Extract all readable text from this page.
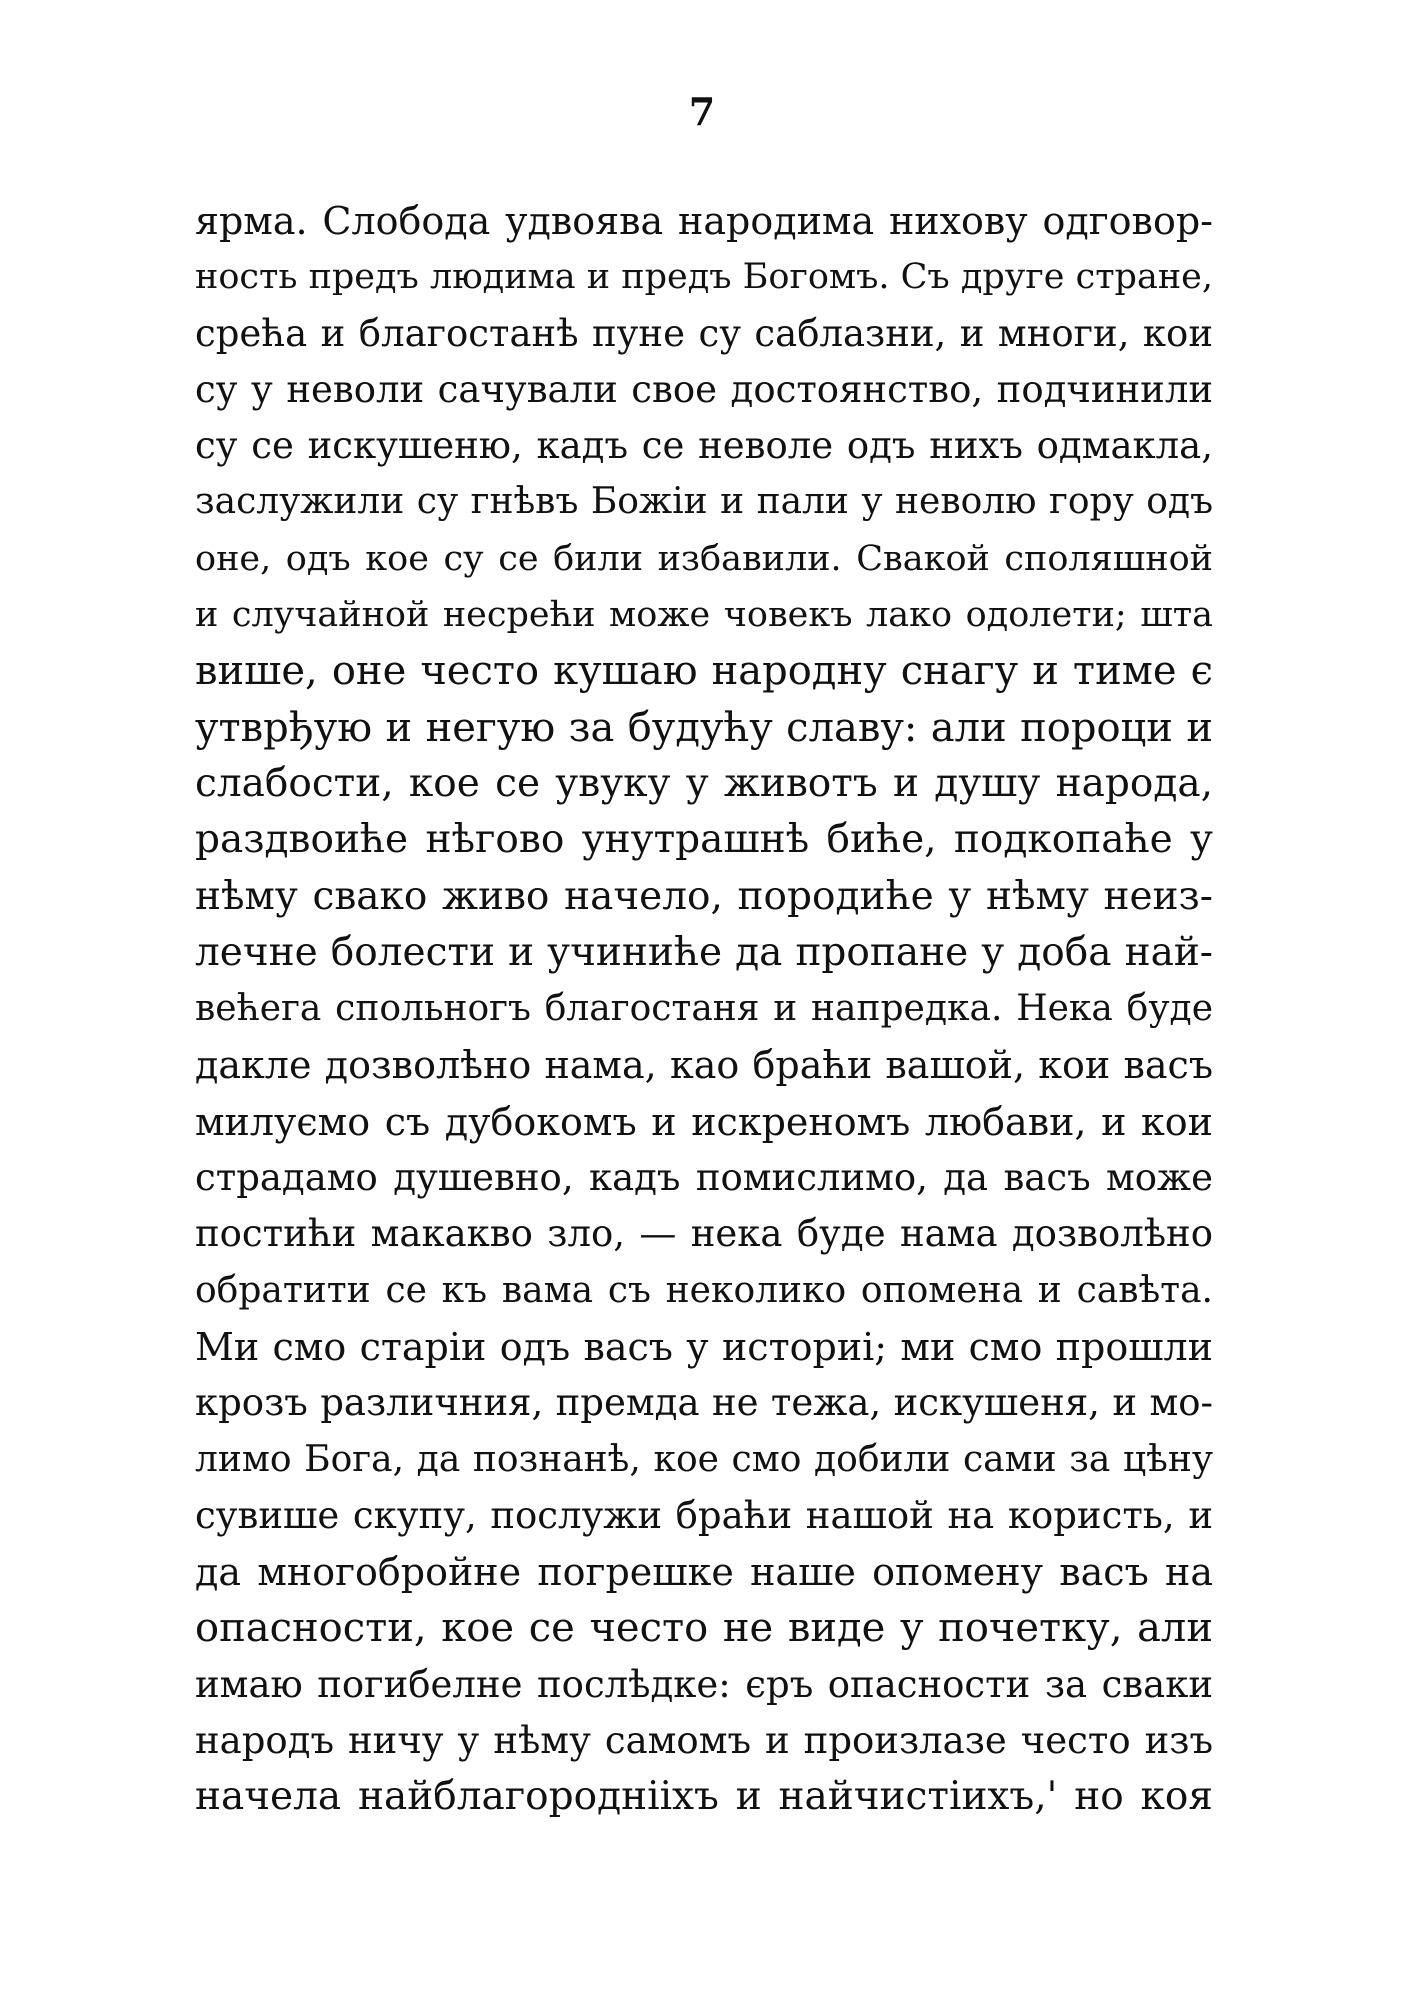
7
ярма. Слобода удвоява народима нихову одговор-
ность предъ людима и предъ Богомъ. Съ друге стране,
срећа и благостанѣ пуне су саблазни, и многи, кои
су у неволи сачували свое достоянство, подчинили
су се искушеню, кадъ се неволе одъ нихъ одмакла,
заслужили су гнѣвъ Божіи и пали у неволю гору одъ
оне, одъ кое су се били избавили. Свакой споляшной
и случайной несрећи може човекъ лако одолети; шта
више, оне често кушаю народну снагу и тиме є
утврђую и негую за будућу славу: али пороци и
слабости, кое се увуку у животъ и душу народа,
раздвоиће нѣгово унутрашнѣ биће, подкопаће у
нѣму свако живо начело, породиће у нѣму неиз-
лечне болести и учиниће да пропане у доба най-
већега спольногъ благостаня и напредка. Нека буде
дакле дозволѣно нама, као браћи вашой, кои васъ
милуємо съ дубокомъ и искреномъ любави, и кои
страдамо душевно, кадъ помислимо, да васъ може
постићи макакво зло, — нека буде нама дозволѣно
обратити се къ вама съ неколико опомена и савѣта.
Ми смо старіи одъ васъ у историі; ми смо прошли
крозъ различния, премда не тежа, искушеня, и мо-
лимо Бога, да познанѣ, кое смо добили сами за цѣну
сувише скупу, послужи браћи нашой на користь, и
да многобройне погрешке наше опомену васъ на
опасности, кое се често не виде у почетку, али
имаю погибелне послѣдке: єръ опасности за сваки
народъ ничу у нѣму самомъ и произлазе често изъ
начела найблагороднііхъ и найчистіихъ,' но коя
